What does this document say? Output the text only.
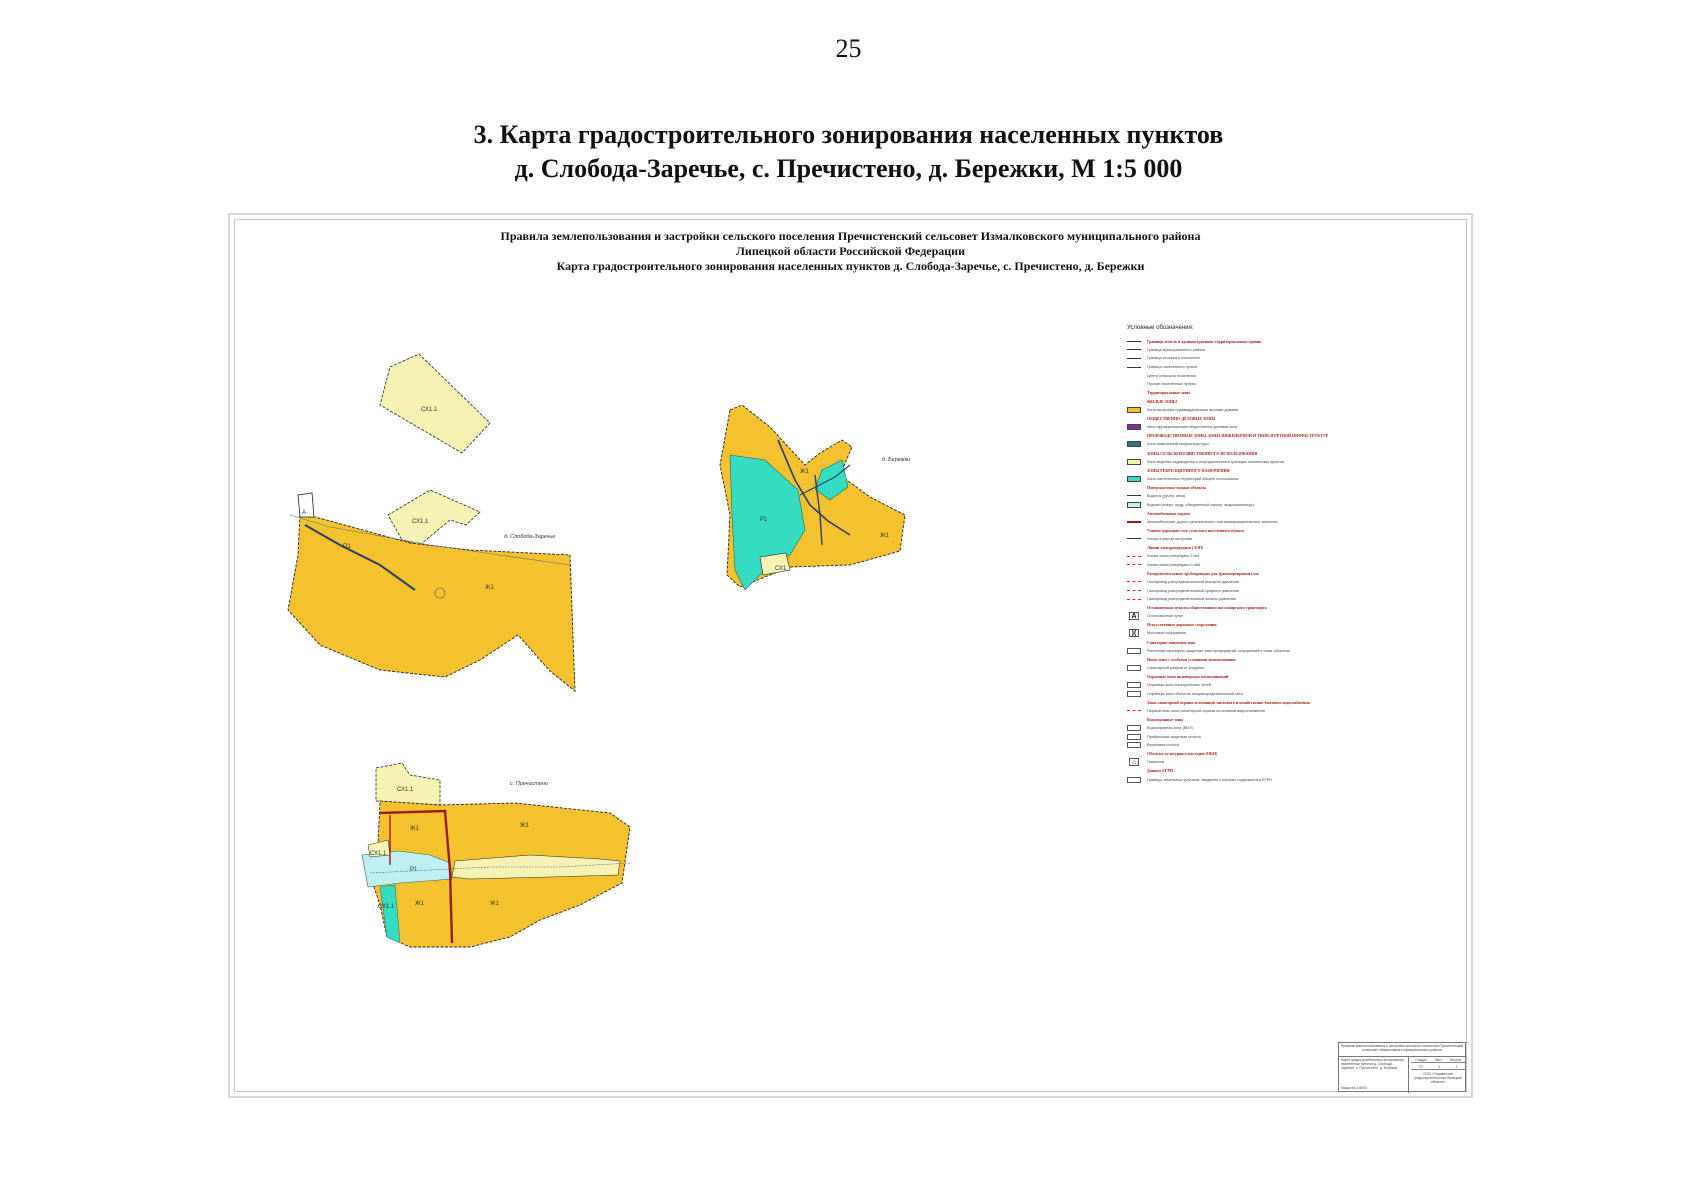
25
3. Карта градостроительного зонирования населенных пунктов
д. Слобода-Заречье, с. Пречистено, д. Бережки, М 1:5 000
Правила землепользования и застройки сельского поселения Пречистенский сельсовет Измалковского муниципального района
Липецкой области Российской Федерации
Карта градостроительного зонирования населенных пунктов д. Слобода-Заречье, с. Пречистено, д. Бережки
СХ1.1
СХ1.1
Ж1
П1
А
д. Слобода-Заречье
Ж1
Ж1
Р1
СХ1
д. Бережки
СХ1.1
Ж1	Ж1
Ж1	Ж1
Р1
СХ1.1
СХ1.1
с. Пречистено
Условные обозначения:
Границы земель и административно-территориальных единиц
Граница муниципального района
Граница сельского поселения
Граница населенного пункта
Центр сельского поселения
Прочие населенные пункты
Территориальные зоны
ЖИЛЫЕ ЗОНЫ
Зона застройки индивидуальными жилыми домами
ОБЩЕСТВЕННО-ДЕЛОВЫЕ ЗОНЫ
Многофункциональная общественно-деловая зона
ПРОИЗВОДСТВЕННЫЕ ЗОНЫ, ЗОНЫ ИНЖЕНЕРНОЙ И ТРАНСПОРТНОЙ ИНФРАСТРУКТУР
Зона инженерной инфраструктуры
ЗОНЫ СЕЛЬСКОХОЗЯЙСТВЕННОГО ИСПОЛЬЗОВАНИЯ
Зона ведения садоводства и огородничества в границах населенных пунктов
ЗОНЫ РЕКРЕАЦИОННОГО НАЗНАЧЕНИЯ
Зона озелененных территорий общего пользования
Поверхностные водные объекты
Водоток (ручей, река)
Водоем (озеро, пруд, обводненный карьер, водохранилище)
Автомобильные дороги
Автомобильные дороги регионального или межмуниципального значения
Улично-дорожная сеть сельского населенного пункта
Улицы в жилой застройке
Линии электропередачи (ЛЭП)
Линии электропередачи 10кВ
Линии электропередачи 0,4кВ
Распределительные трубопроводы для транспортировки газа
Газопровод распределительный высокого давления
Газопровод распределительный среднего давления
Газопровод распределительный низкого давления
Остановочные пункты общественного пассажирского транспорта
A	Остановочный пункт
Искусственные дорожные сооружения
)(	Мостовое сооружение
Санитарно-защитная зона
Расчетная санитарно-защитная зона предприятий, сооружений и иных объектов
Иные зоны с особыми условиями использования
Санитарный разрыв от кладбищ
Охранные зоны инженерных коммуникаций
Охранная зона электрических сетей
Охранная зона объектов газораспределительной сети
Зоны санитарной охраны источников питьевого и хозяйственно-бытового водоснабжения
Первый пояс зоны санитарной охраны источников водоснабжения
Водоохранные зоны
Водоохранная зона (ВОЗ)
Прибрежная защитная полоса
Береговая полоса
Объекты культурного наследия (ОКН)
⌂	Памятник
Данные ЕГРН
Границы земельных участков, сведения о которых содержатся в ЕГРН
Правила землепользования и застройки сельского поселения Пречистенский сельсовет Измалковского муниципального района
Карта градостроительного зонирования населенных пунктов д. Слобода-Заречье, с. Пречистено, д. Бережки
Масштаб 1:5000
Стадия Лист Листов
ГП	1	1
ООО «Управление градостроительства Липецкой области»
